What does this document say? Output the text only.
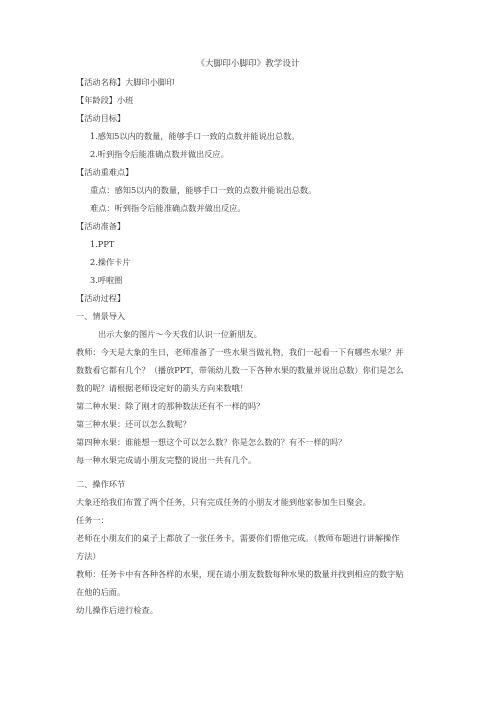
《大脚印小脚印》教学设计
【活动名称】大脚印小脚印
【年龄段】小班
【活动目标】
1.感知5以内的数量，能够手口一致的点数并能说出总数。
2.听到指令后能准确点数并做出反应。
【活动重难点】
重点：感知5以内的数量，能够手口一致的点数并能说出总数。
难点：听到指令后能准确点数并做出反应。
【活动准备】
1.PPT
2.操作卡片
3.呼啦圈
【活动过程】
一、情景导入
出示大象的图片～今天我们认识一位新朋友。
教师：今天是大象的生日，老师准备了一些水果当做礼物，我们一起看一下有哪些水果？并
数数看它都有几个？（播放PPT，带领幼儿数一下各种水果的数量并说出总数）你们是怎么
数的呢？请根据老师设定好的箭头方向来数哦！
第二种水果：除了刚才的那种数法还有不一样的吗？
第三种水果：还可以怎么数呢？
第四种水果：谁能想一想这个可以怎么数？你是怎么数的？有不一样的吗？
每一种水果完成请小朋友完整的说出一共有几个。
二、操作环节
大象还给我们布置了两个任务，只有完成任务的小朋友才能到他家参加生日聚会。
任务一：
老师在小朋友们的桌子上都放了一张任务卡，需要你们帮他完成。（教师布题进行讲解操作
方法）
教师：任务卡中有各种各样的水果，现在请小朋友数数每种水果的数量并找到相应的数字贴
在他的后面。
幼儿操作后进行检查。
